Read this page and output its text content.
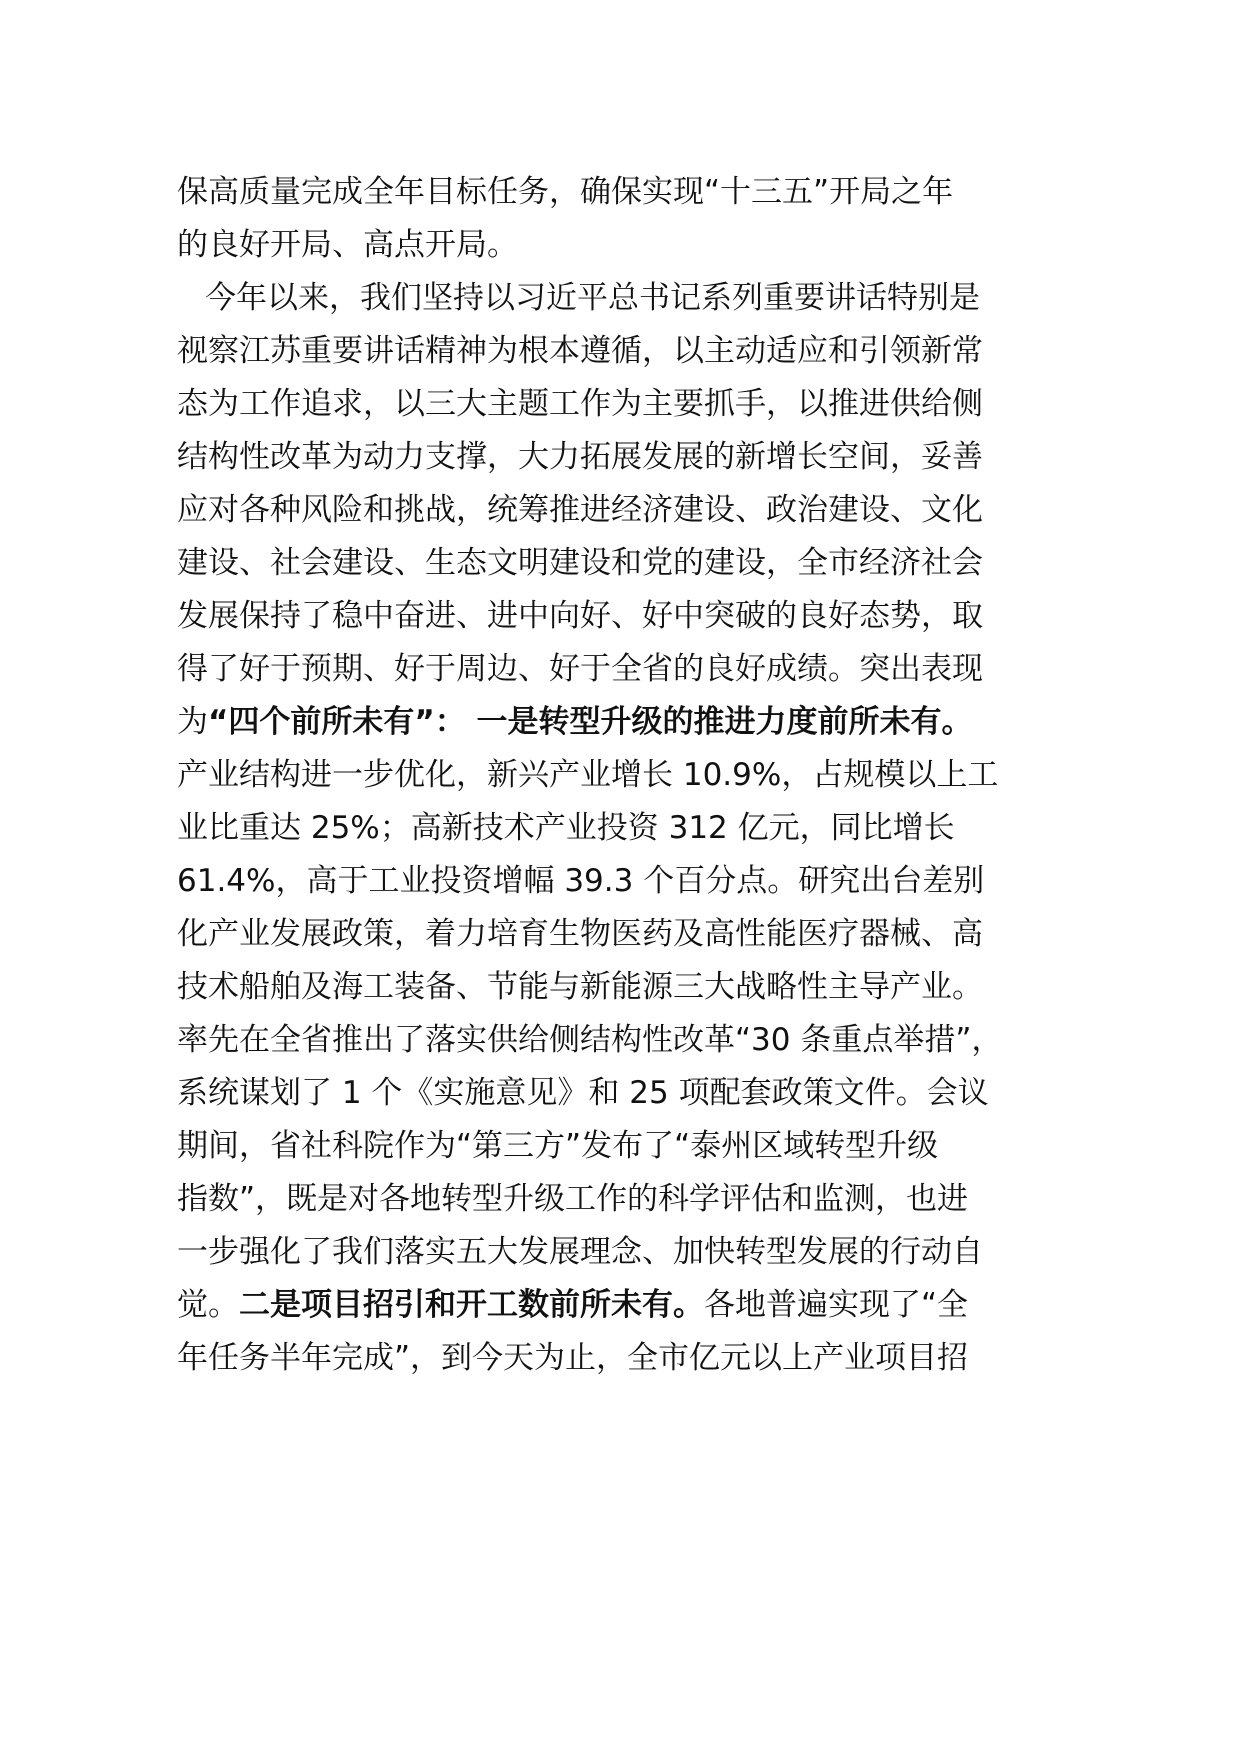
保高质量完成全年目标任务，确保实现“十三五”开局之年
的良好开局、高点开局。
今年以来，我们坚持以习近平总书记系列重要讲话特别是
视察江苏重要讲话精神为根本遵循，以主动适应和引领新常
态为工作追求，以三大主题工作为主要抓手，以推进供给侧
结构性改革为动力支撑，大力拓展发展的新增长空间，妥善
应对各种风险和挑战，统筹推进经济建设、政治建设、文化
建设、社会建设、生态文明建设和党的建设，全市经济社会
发展保持了稳中奋进、进中向好、好中突破的良好态势，取
得了好于预期、好于周边、好于全省的良好成绩。突出表现
为“四个前所未有”： 一是转型升级的推进力度前所未有。
产业结构进一步优化，新兴产业增长 10.9%，占规模以上工
业比重达 25%；高新技术产业投资 312 亿元，同比增长
61.4%，高于工业投资增幅 39.3 个百分点。研究出台差别
化产业发展政策，着力培育生物医药及高性能医疗器械、高
技术船舶及海工装备、节能与新能源三大战略性主导产业。
率先在全省推出了落实供给侧结构性改革“30 条重点举措”，
系统谋划了 1 个《实施意见》和 25 项配套政策文件。会议
期间，省社科院作为“第三方”发布了“泰州区域转型升级
指数”，既是对各地转型升级工作的科学评估和监测，也进
一步强化了我们落实五大发展理念、加快转型发展的行动自
觉。二是项目招引和开工数前所未有。各地普遍实现了“全
年任务半年完成”，到今天为止，全市亿元以上产业项目招
